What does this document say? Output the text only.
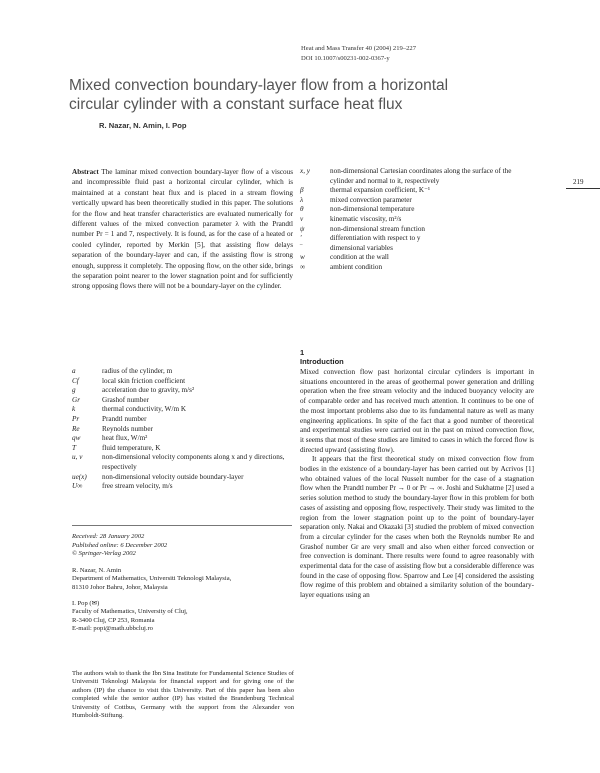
Heat and Mass Transfer 40 (2004) 219–227
DOI 10.1007/s00231-002-0367-y
Mixed convection boundary-layer flow from a horizontal circular cylinder with a constant surface heat flux
R. Nazar, N. Amin, I. Pop
219
Abstract The laminar mixed convection boundary-layer flow of a viscous and incompressible fluid past a horizontal circular cylinder, which is maintained at a constant heat flux and is placed in a stream flowing vertically upward has been theoretically studied in this paper. The solutions for the flow and heat transfer characteristics are evaluated numerically for different values of the mixed convection parameter λ with the Prandtl number Pr = 1 and 7, respectively. It is found, as for the case of a heated or cooled cylinder, reported by Merkin [5], that assisting flow delays separation of the boundary-layer and can, if the assisting flow is strong enough, suppress it completely. The opposing flow, on the other side, brings the separation point nearer to the lower stagnation point and for sufficiently strong opposing flows there will not be a boundary-layer on the cylinder.
a	radius of the cylinder, m
Cf	local skin friction coefficient
g	acceleration due to gravity, m/s²
Gr	Grashof number
k	thermal conductivity, W/m K
Pr	Prandtl number
Re	Reynolds number
qw	heat flux, W/m²
T	fluid temperature, K
u, v	non-dimensional velocity components along x and y directions, respectively
ue(x)	non-dimensional velocity outside boundary-layer
U∞	free stream velocity, m/s
x, y	non-dimensional Cartesian coordinates along the surface of the cylinder and normal to it, respectively
β	thermal expansion coefficient, K⁻¹
λ	mixed convection parameter
θ	non-dimensional temperature
ν	kinematic viscosity, m²/s
ψ	non-dimensional stream function
′	differentiation with respect to y
‾	dimensional variables
w	condition at the wall
∞	ambient condition
Received: 28 January 2002
Published online: 6 December 2002
© Springer-Verlag 2002
R. Nazar, N. Amin
Department of Mathematics, Universiti Teknologi Malaysia,
81310 Johor Bahru, Johor, Malaysia
I. Pop (✉)
Faculty of Mathematics, University of Cluj,
R-3400 Cluj, CP 253, Romania
E-mail: popi@math.ubbcluj.ro
The authors wish to thank the Ibn Sina Institute for Fundamental Science Studies of Universiti Teknologi Malaysia for financial support and for giving one of the authors (IP) the chance to visit this University. Part of this paper has been also completed while the senior author (IP) has visited the Brandenburg Technical University of Cottbus, Germany with the support from the Alexander von Humboldt-Stiftung.
1
Introduction

Mixed convection flow past horizontal circular cylinders is important in situations encountered in the areas of geothermal power generation and drilling operation when the free stream velocity and the induced buoyancy velocity are of comparable order and has received much attention. It continues to be one of the most important problems also due to its fundamental nature as well as many engineering applications. In spite of the fact that a good number of theoretical and experimental studies were carried out in the past on mixed convection flow, it seems that most of these studies are limited to cases in which the forced flow is directed upward (assisting flow).

It appears that the first theoretical study on mixed convection flow from bodies in the existence of a boundary-layer has been carried out by Acrivos [1] who obtained values of the local Nusselt number for the case of a stagnation flow when the Prandtl number Pr → 0 or Pr → ∞. Joshi and Sukhatme [2] used a series solution method to study the boundary-layer flow in this problem for both cases of assisting and opposing flow, respectively. Their study was limited to the region from the lower stagnation point up to the point of boundary-layer separation only. Nakai and Okazaki [3] studied the problem of mixed convection from a circular cylinder for the cases when both the Reynolds number Re and Grashof number Gr are very small and also when either forced convection or free convection is dominant. There results were found to agree reasonably with experimental data for the case of assisting flow but a considerable difference was found in the case of opposing flow. Sparrow and Lee [4] considered the assisting flow regime of this problem and obtained a similarity solution of the boundary-layer equations using an
